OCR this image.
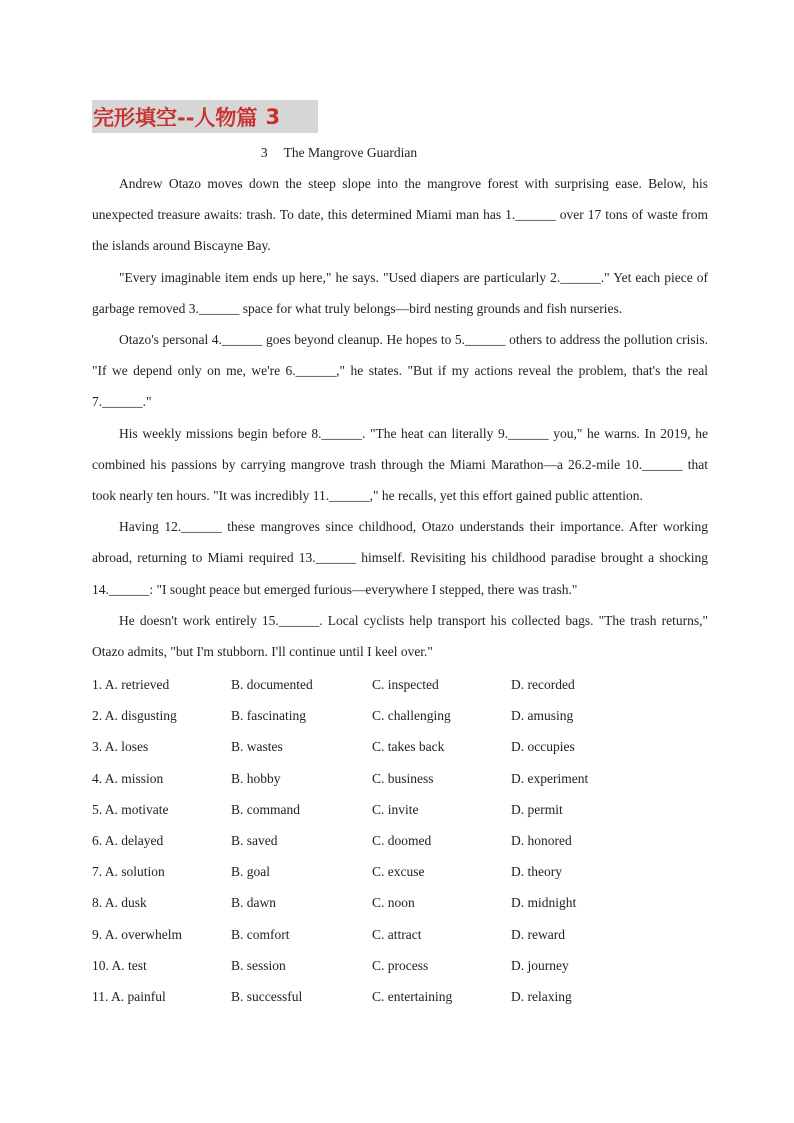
完形填空--人物篇 3
3 The Mangrove Guardian

Andrew Otazo moves down the steep slope into the mangrove forest with surprising ease. Below, his unexpected treasure awaits: trash. To date, this determined Miami man has 1.______ over 17 tons of waste from the islands around Biscayne Bay.

"Every imaginable item ends up here," he says. "Used diapers are particularly 2.______." Yet each piece of garbage removed 3.______ space for what truly belongs—bird nesting grounds and fish nurseries.

Otazo's personal 4.______ goes beyond cleanup. He hopes to 5.______ others to address the pollution crisis. "If we depend only on me, we're 6.______," he states. "But if my actions reveal the problem, that's the real 7.______."

His weekly missions begin before 8.______. "The heat can literally 9.______ you," he warns. In 2019, he combined his passions by carrying mangrove trash through the Miami Marathon—a 26.2-mile 10.______ that took nearly ten hours. "It was incredibly 11.______," he recalls, yet this effort gained public attention.

Having 12.______ these mangroves since childhood, Otazo understands their importance. After working abroad, returning to Miami required 13.______ himself. Revisiting his childhood paradise brought a shocking 14.______: "I sought peace but emerged furious—everywhere I stepped, there was trash."

He doesn't work entirely 15.______. Local cyclists help transport his collected bags. "The trash returns," Otazo admits, "but I'm stubborn. I'll continue until I keel over."

1. A. retrieved	B. documented	C. inspected	D. recorded
2. A. disgusting	B. fascinating	C. challenging	D. amusing
3. A. loses	B. wastes	C. takes back	D. occupies
4. A. mission	B. hobby	C. business	D. experiment
5. A. motivate	B. command	C. invite	D. permit
6. A. delayed	B. saved	C. doomed	D. honored
7. A. solution	B. goal	C. excuse	D. theory
8. A. dusk	B. dawn	C. noon	D. midnight
9. A. overwhelm	B. comfort	C. attract	D. reward
10. A. test	B. session	C. process	D. journey
11. A. painful	B. successful	C. entertaining	D. relaxing
